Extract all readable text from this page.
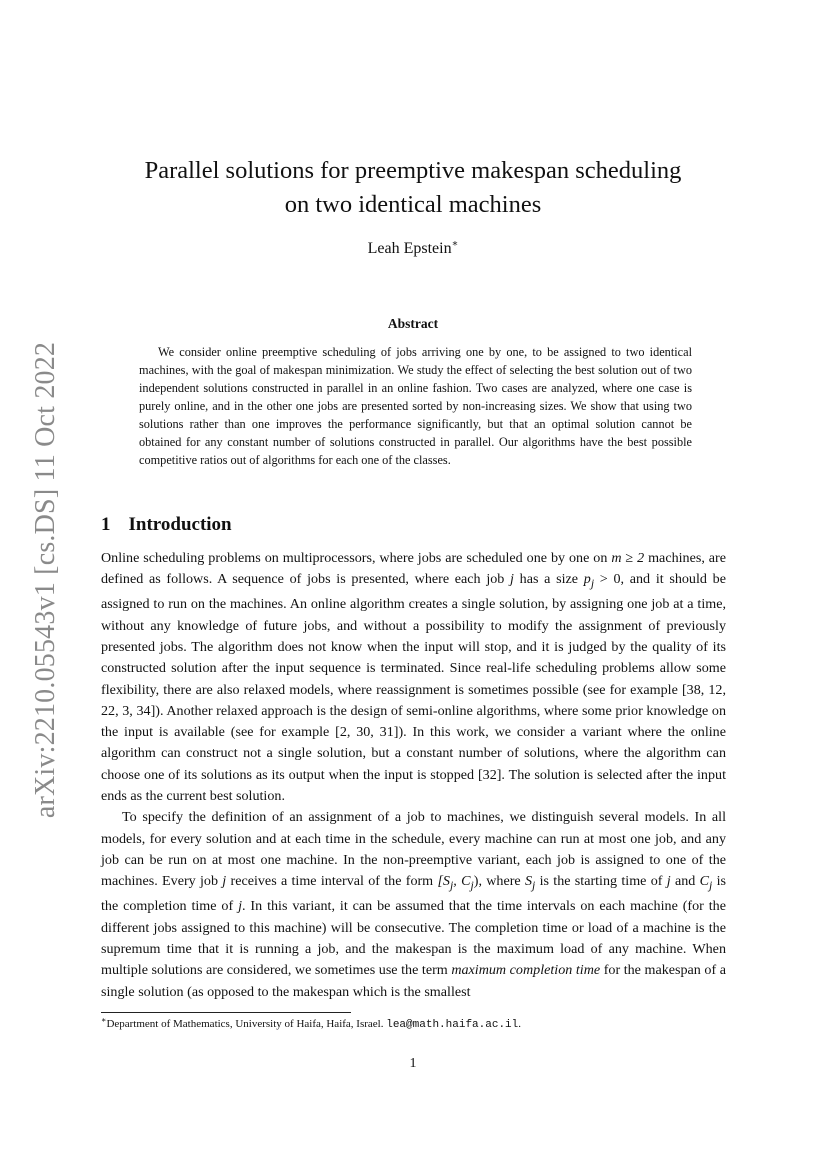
arXiv:2210.05543v1 [cs.DS] 11 Oct 2022
Parallel solutions for preemptive makespan scheduling
on two identical machines
Leah Epstein∗
Abstract

We consider online preemptive scheduling of jobs arriving one by one, to be assigned to two identical machines, with the goal of makespan minimization. We study the effect of selecting the best solution out of two independent solutions constructed in parallel in an online fashion. Two cases are analyzed, where one case is purely online, and in the other one jobs are presented sorted by non-increasing sizes. We show that using two solutions rather than one improves the performance significantly, but that an optimal solution cannot be obtained for any constant number of solutions constructed in parallel. Our algorithms have the best possible competitive ratios out of algorithms for each one of the classes.

1 Introduction

Online scheduling problems on multiprocessors, where jobs are scheduled one by one on m ≥ 2 machines, are defined as follows. A sequence of jobs is presented, where each job j has a size $p_j > 0$, and it should be assigned to run on the machines. An online algorithm creates a single solution, by assigning one job at a time, without any knowledge of future jobs, and without a possibility to modify the assignment of previously presented jobs. The algorithm does not know when the input will stop, and it is judged by the quality of its constructed solution after the input sequence is terminated. Since real-life scheduling problems allow some flexibility, there are also relaxed models, where reassignment is sometimes possible (see for example [38, 12, 22, 3, 34]). Another relaxed approach is the design of semi-online algorithms, where some prior knowledge on the input is available (see for example [2, 30, 31]). In this work, we consider a variant where the online algorithm can construct not a single solution, but a constant number of solutions, where the algorithm can choose one of its solutions as its output when the input is stopped [32]. The solution is selected after the input ends as the current best solution.

To specify the definition of an assignment of a job to machines, we distinguish several models. In all models, for every solution and at each time in the schedule, every machine can run at most one job, and any job can be run on at most one machine. In the non-preemptive variant, each job is assigned to one of the machines. Every job j receives a time interval of the form [$S_j$, $C_j$), where $S_j$ is the starting time of j and $C_j$ is the completion time of j. In this variant, it can be assumed that the time intervals on each machine (for the different jobs assigned to this machine) will be consecutive. The completion time or load of a machine is the supremum time that it is running a job, and the makespan is the maximum load of any machine. When multiple solutions are considered, we sometimes use the term maximum completion time for the makespan of a single solution (as opposed to the makespan which is the smallest

∗Department of Mathematics, University of Haifa, Haifa, Israel. lea@math.haifa.ac.il.
1
